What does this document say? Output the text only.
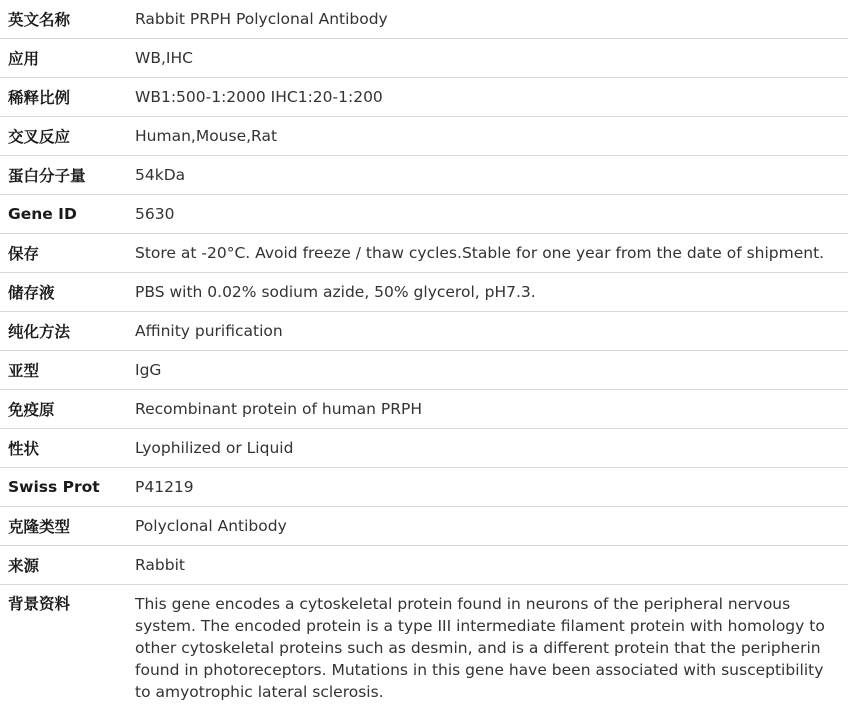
英文名称	Rabbit PRPH Polyclonal Antibody
应用	WB,IHC
稀释比例	WB1:500-1:2000 IHC1:20-1:200
交叉反应	Human,Mouse,Rat
蛋白分子量	54kDa
Gene ID	5630
保存	Store at -20°C. Avoid freeze / thaw cycles.Stable for one year from the date of shipment.
储存液	PBS with 0.02% sodium azide, 50% glycerol, pH7.3.
纯化方法	Affinity purification
亚型	IgG
免疫原	Recombinant protein of human PRPH
性状	Lyophilized or Liquid
Swiss Prot	P41219
克隆类型	Polyclonal Antibody
来源	Rabbit
背景资料	This gene encodes a cytoskeletal protein found in neurons of the peripheral nervous system. The encoded protein is a type III intermediate filament protein with homology to other cytoskeletal proteins such as desmin, and is a different protein that the peripherin found in photoreceptors. Mutations in this gene have been associated with susceptibility to amyotrophic lateral sclerosis.
